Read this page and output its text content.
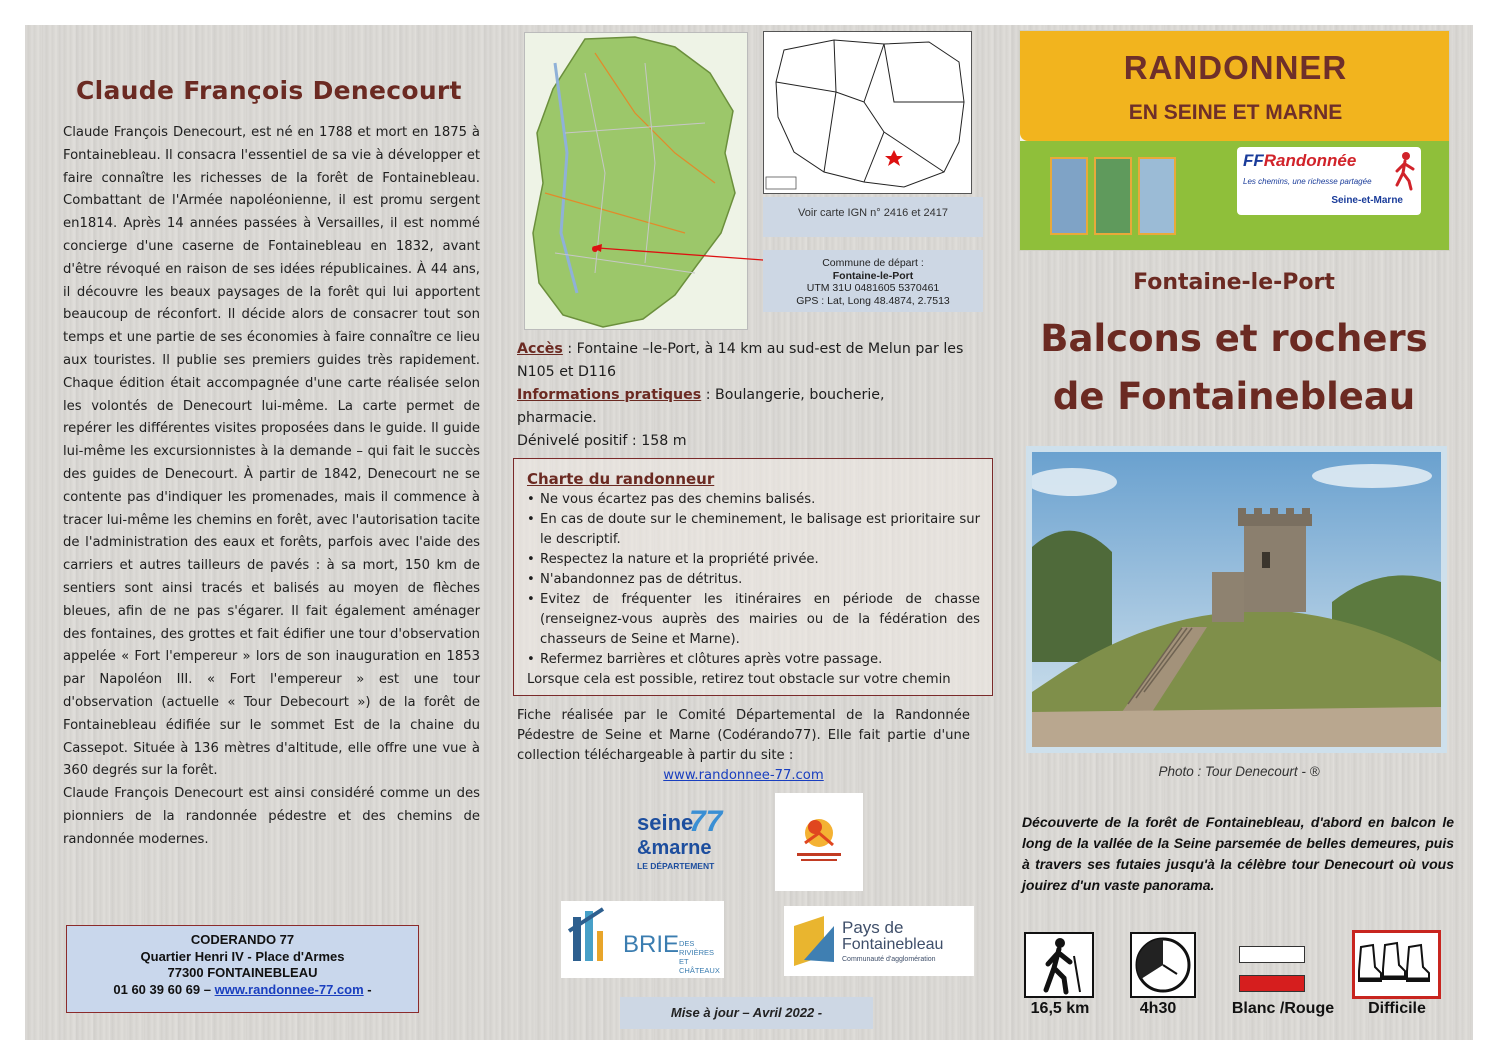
Claude François Denecourt

Claude François Denecourt, est né en 1788 et mort en 1875 à Fontainebleau. Il consacra l'essentiel de sa vie à développer et faire connaître les richesses de la forêt de Fontainebleau. Combattant de l'Armée napoléonienne, il est promu sergent en1814. Après 14 années passées à Versailles, il est nommé concierge d'une caserne de Fontainebleau en 1832, avant d'être révoqué en raison de ses idées républicaines. À 44 ans, il découvre les beaux paysages de la forêt qui lui apportent beaucoup de réconfort. Il décide alors de consacrer tout son temps et une partie de ses économies à faire connaître ce lieu aux touristes. Il publie ses premiers guides très rapidement. Chaque édition était accompagnée d'une carte réalisée selon les volontés de Denecourt lui-même. La carte permet de repérer les différentes visites proposées dans le guide. Il guide lui-même les excursionnistes à la demande – qui fait le succès des guides de Denecourt. À partir de 1842, Denecourt ne se contente pas d'indiquer les promenades, mais il commence à tracer lui-même les chemins en forêt, avec l'autorisation tacite de l'administration des eaux et forêts, parfois avec l'aide des carriers et autres tailleurs de pavés : à sa mort, 150 km de sentiers sont ainsi tracés et balisés au moyen de flèches bleues, afin de ne pas s'égarer. Il fait également aménager des fontaines, des grottes et fait édifier une tour d'observation appelée « Fort l'empereur » lors de son inauguration en 1853 par Napoléon III. « Fort l'empereur » est une tour d'observation (actuelle « Tour Debecourt ») de la forêt de Fontainebleau édifiée sur le sommet Est de la chaine du Cassepot. Située à 136 mètres d'altitude, elle offre une vue à 360 degrés sur la forêt.

Claude François Denecourt est ainsi considéré comme un des pionniers de la randonnée pédestre et des chemins de randonnée modernes.

CODERANDO 77
Quartier Henri IV - Place d'Armes
77300 FONTAINEBLEAU
01 60 39 60 69 – www.randonnee-77.com -
Voir carte IGN n° 2416 et 2417
Commune de départ :
Fontaine-le-Port
UTM 31U 0481605 5370461
GPS : Lat, Long 48.4874, 2.7513
Accès : Fontaine –le-Port, à 14 km au sud-est de Melun par les N105 et D116
Informations pratiques : Boulangerie, boucherie, pharmacie.
Dénivelé positif : 158 m
Charte du randonneur
• Ne vous écartez pas des chemins balisés.
• En cas de doute sur le cheminement, le balisage est prioritaire sur le descriptif.
• Respectez la nature et la propriété privée.
• N'abandonnez pas de détritus.
• Evitez de fréquenter les itinéraires en période de chasse (renseignez-vous auprès des mairies ou de la fédération des chasseurs de Seine et Marne).
• Refermez barrières et clôtures après votre passage.
Lorsque cela est possible, retirez tout obstacle sur votre chemin
Fiche réalisée par le Comité Départemental de la Randonnée Pédestre de Seine et Marne (Codérando77). Elle fait partie d'une collection téléchargeable à partir du site :
www.randonnee-77.com
seine
77
&marne
LE DÉPARTEMENT
BRIE DES RIVIÈRES ET CHÂTEAUX
Pays de
Fontainebleau
Communauté d'agglomération
Mise à jour – Avril 2022 -
RANDONNER
EN SEINE ET MARNE
FFRandonnée
Les chemins, une richesse partagée
Seine-et-Marne
Fontaine-le-Port
Balcons et rochers
de Fontainebleau
Photo : Tour Denecourt - ®
Découverte de la forêt de Fontainebleau, d'abord en balcon le long de la vallée de la Seine parsemée de belles demeures, puis à travers ses futaies jusqu'à la célèbre tour Denecourt où vous jouirez d'un vaste panorama.
16,5 km	4h30	Blanc /Rouge	Difficile
